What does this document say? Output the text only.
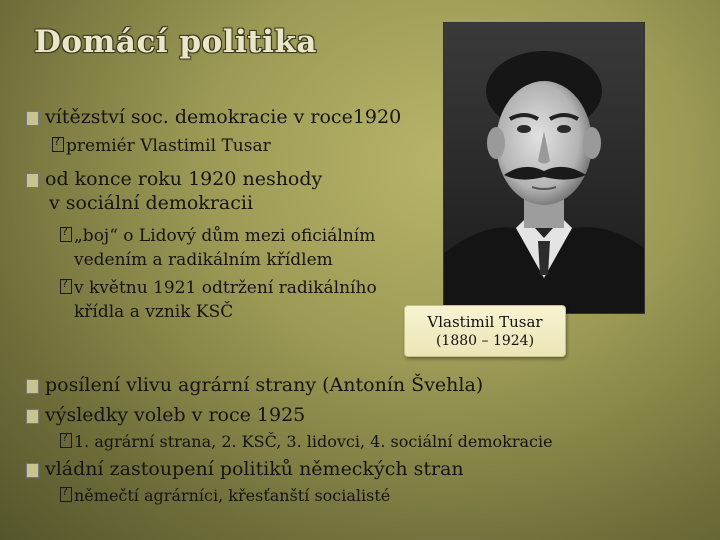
Domácí politika
Vlastimil Tusar
(1880 – 1924)
vítězství soc. demokracie v roce1920
?premiér Vlastimil Tusar
od konce roku 1920 neshody
v sociální demokracii
?„boj“ o Lidový dům mezi oficiálním
vedením a radikálním křídlem
?v květnu 1921 odtržení radikálního
křídla a vznik KSČ
posílení vlivu agrární strany (Antonín Švehla)
výsledky voleb v roce 1925
?1. agrární strana, 2. KSČ, 3. lidovci, 4. sociální demokracie
vládní zastoupení politiků německých stran
?němečtí agrárníci, křesťanští socialisté
